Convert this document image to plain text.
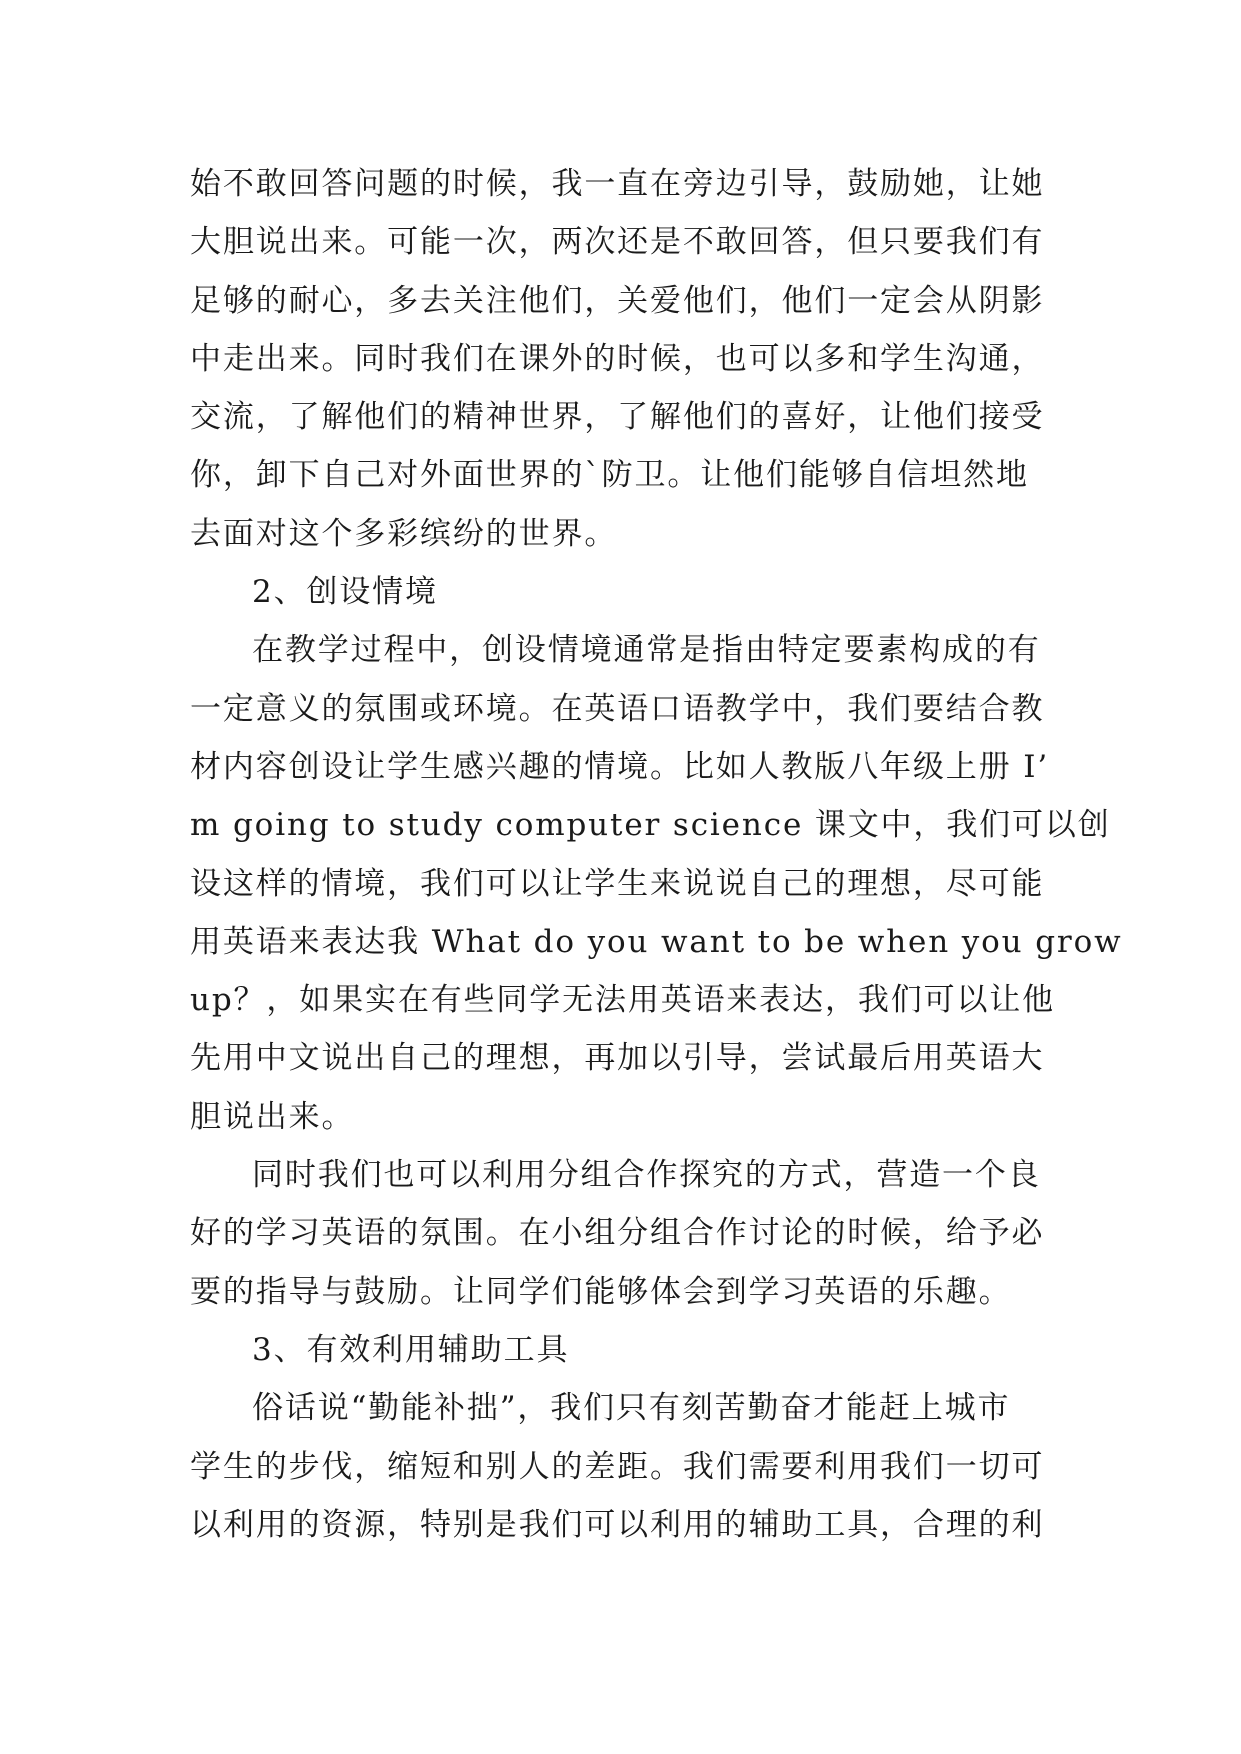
始不敢回答问题的时候，我一直在旁边引导，鼓励她，让她
大胆说出来。可能一次，两次还是不敢回答，但只要我们有
足够的耐心，多去关注他们，关爱他们，他们一定会从阴影
中走出来。同时我们在课外的时候，也可以多和学生沟通，
交流，了解他们的精神世界，了解他们的喜好，让他们接受
你，卸下自己对外面世界的`防卫。让他们能够自信坦然地
去面对这个多彩缤纷的世界。
2、创设情境
在教学过程中，创设情境通常是指由特定要素构成的有
一定意义的氛围或环境。在英语口语教学中，我们要结合教
材内容创设让学生感兴趣的情境。比如人教版八年级上册 I’
m going to study computer science 课文中，我们可以创
设这样的情境，我们可以让学生来说说自己的理想，尽可能
用英语来表达我 What do you want to be when you grow
up？，如果实在有些同学无法用英语来表达，我们可以让他
先用中文说出自己的理想，再加以引导，尝试最后用英语大
胆说出来。
同时我们也可以利用分组合作探究的方式，营造一个良
好的学习英语的氛围。在小组分组合作讨论的时候，给予必
要的指导与鼓励。让同学们能够体会到学习英语的乐趣。
3、有效利用辅助工具
俗话说“勤能补拙”，我们只有刻苦勤奋才能赶上城市
学生的步伐，缩短和别人的差距。我们需要利用我们一切可
以利用的资源，特别是我们可以利用的辅助工具，合理的利
